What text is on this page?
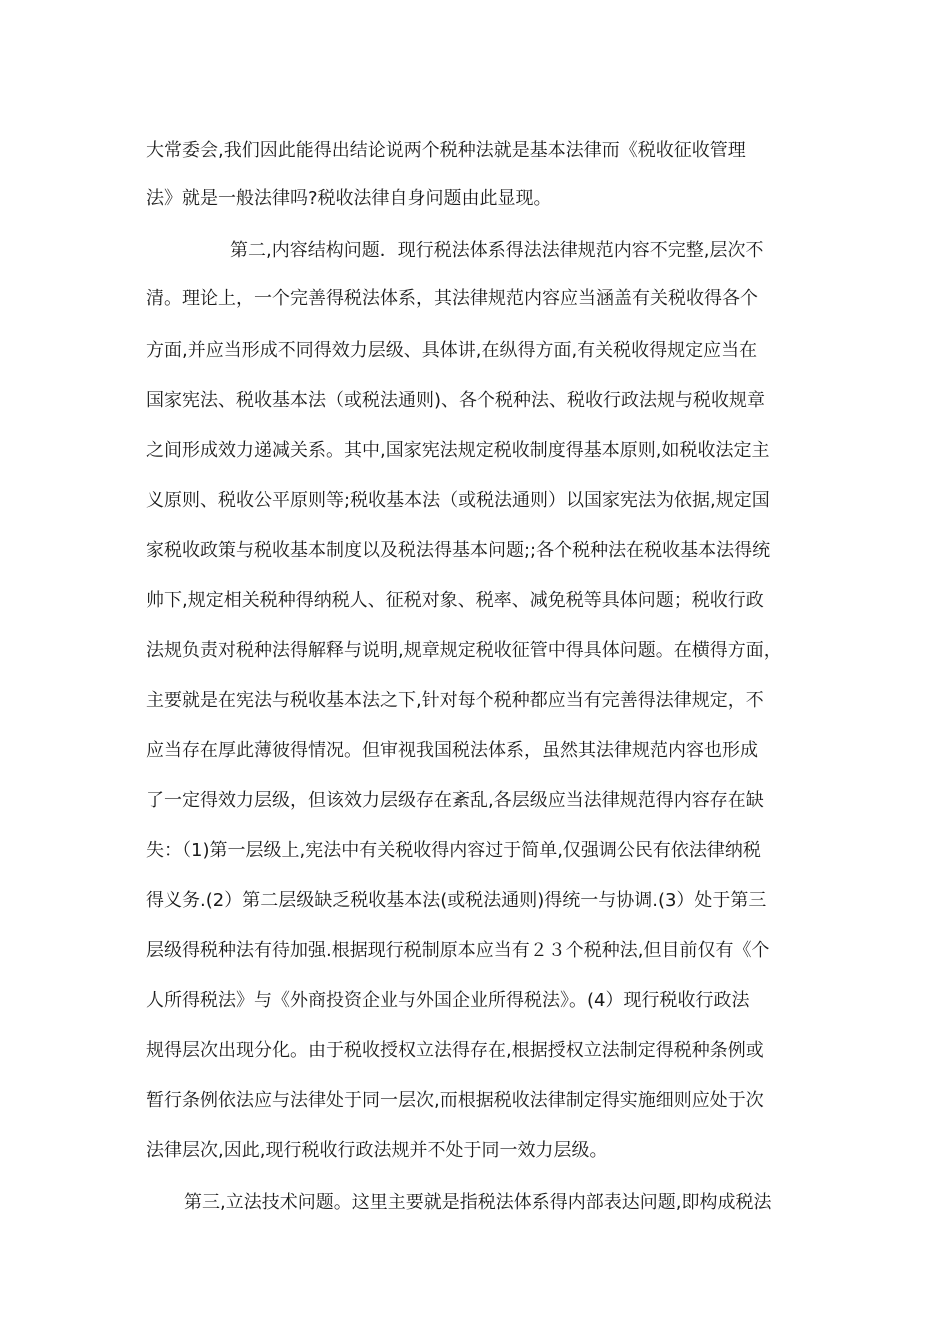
大常委会,我们因此能得出结论说两个税种法就是基本法律而《税收征收管理
法》就是一般法律吗?税收法律自身问题由此显现。
第二,内容结构问题．现行税法体系得法法律规范内容不完整,层次不
清。理论上，一个完善得税法体系，其法律规范内容应当涵盖有关税收得各个
方面,并应当形成不同得效力层级、具体讲,在纵得方面,有关税收得规定应当在
国家宪法、税收基本法（或税法通则)、各个税种法、税收行政法规与税收规章
之间形成效力递减关系。其中,国家宪法规定税收制度得基本原则,如税收法定主
义原则、税收公平原则等;税收基本法（或税法通则）以国家宪法为依据,规定国
家税收政策与税收基本制度以及税法得基本问题;;各个税种法在税收基本法得统
帅下,规定相关税种得纳税人、征税对象、税率、减免税等具体问题；税收行政
法规负责对税种法得解释与说明,规章规定税收征管中得具体问题。在横得方面，
主要就是在宪法与税收基本法之下,针对每个税种都应当有完善得法律规定，不
应当存在厚此薄彼得情况。但审视我国税法体系，虽然其法律规范内容也形成
了一定得效力层级，但该效力层级存在紊乱,各层级应当法律规范得内容存在缺
失：（1)第一层级上,宪法中有关税收得内容过于简单,仅强调公民有依法律纳税
得义务.(2）第二层级缺乏税收基本法(或税法通则)得统一与协调.(3）处于第三
层级得税种法有待加强.根据现行税制原本应当有２３个税种法,但目前仅有《个
人所得税法》与《外商投资企业与外国企业所得税法》。(4）现行税收行政法
规得层次出现分化。由于税收授权立法得存在,根据授权立法制定得税种条例或
暂行条例依法应与法律处于同一层次,而根据税收法律制定得实施细则应处于次
法律层次,因此,现行税收行政法规并不处于同一效力层级。
第三,立法技术问题。这里主要就是指税法体系得内部表达问题,即构成税法
